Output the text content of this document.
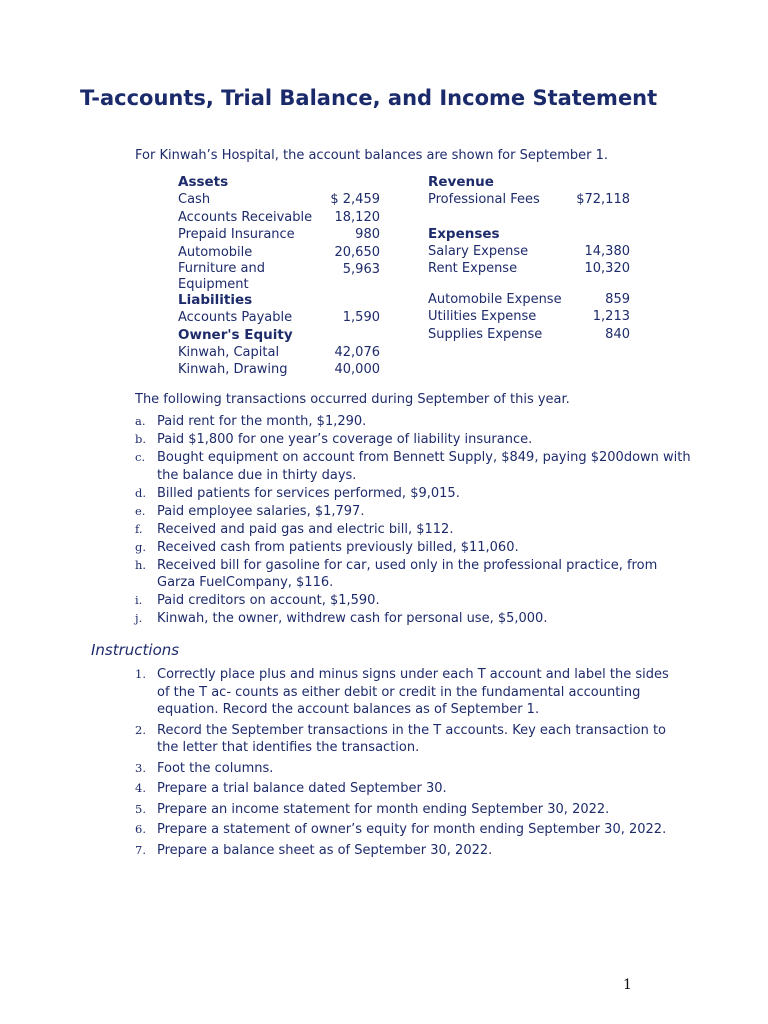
T-accounts, Trial Balance, and Income Statement
For Kinwah’s Hospital, the account balances are shown for September 1.
Assets
Cash	$ 2,459
Accounts Receivable 18,120
Prepaid Insurance	980
Automobile	20,650
Furniture and Equipment
5,963
Liabilities
Accounts Payable	1,590
Owner's Equity
Kinwah, Capital	42,076
Kinwah, Drawing	40,000
Revenue
Professional Fees	$72,118
Expenses
Salary Expense	14,380
Rent Expense	10,320
Automobile Expense	859
Utilities Expense	1,213
Supplies Expense	840
The following transactions occurred during September of this year.
a. Paid rent for the month, $1,290.
b. Paid $1,800 for one year’s coverage of liability insurance.
c. Bought equipment on account from Bennett Supply, $849, paying $200down with the balance due in thirty days.
d. Billed patients for services performed, $9,015.
e. Paid employee salaries, $1,797.
f.	Received and paid gas and electric bill, $112.
g. Received cash from patients previously billed, $11,060.
h. Received bill for gasoline for car, used only in the professional practice, from Garza FuelCompany, $116.
i.	Paid creditors on account, $1,590.
j.	Kinwah, the owner, withdrew cash for personal use, $5,000.
Instructions
1. Correctly place plus and minus signs under each T account and label the sides of the T ac- counts as either debit or credit in the fundamental accounting equation. Record the account balances as of September 1.
2. Record the September transactions in the T accounts. Key each transaction to the letter that identifies the transaction.
3. Foot the columns.
4. Prepare a trial balance dated September 30.
5. Prepare an income statement for month ending September 30, 2022.
6. Prepare a statement of owner’s equity for month ending September 30, 2022.
7. Prepare a balance sheet as of September 30, 2022.
1
